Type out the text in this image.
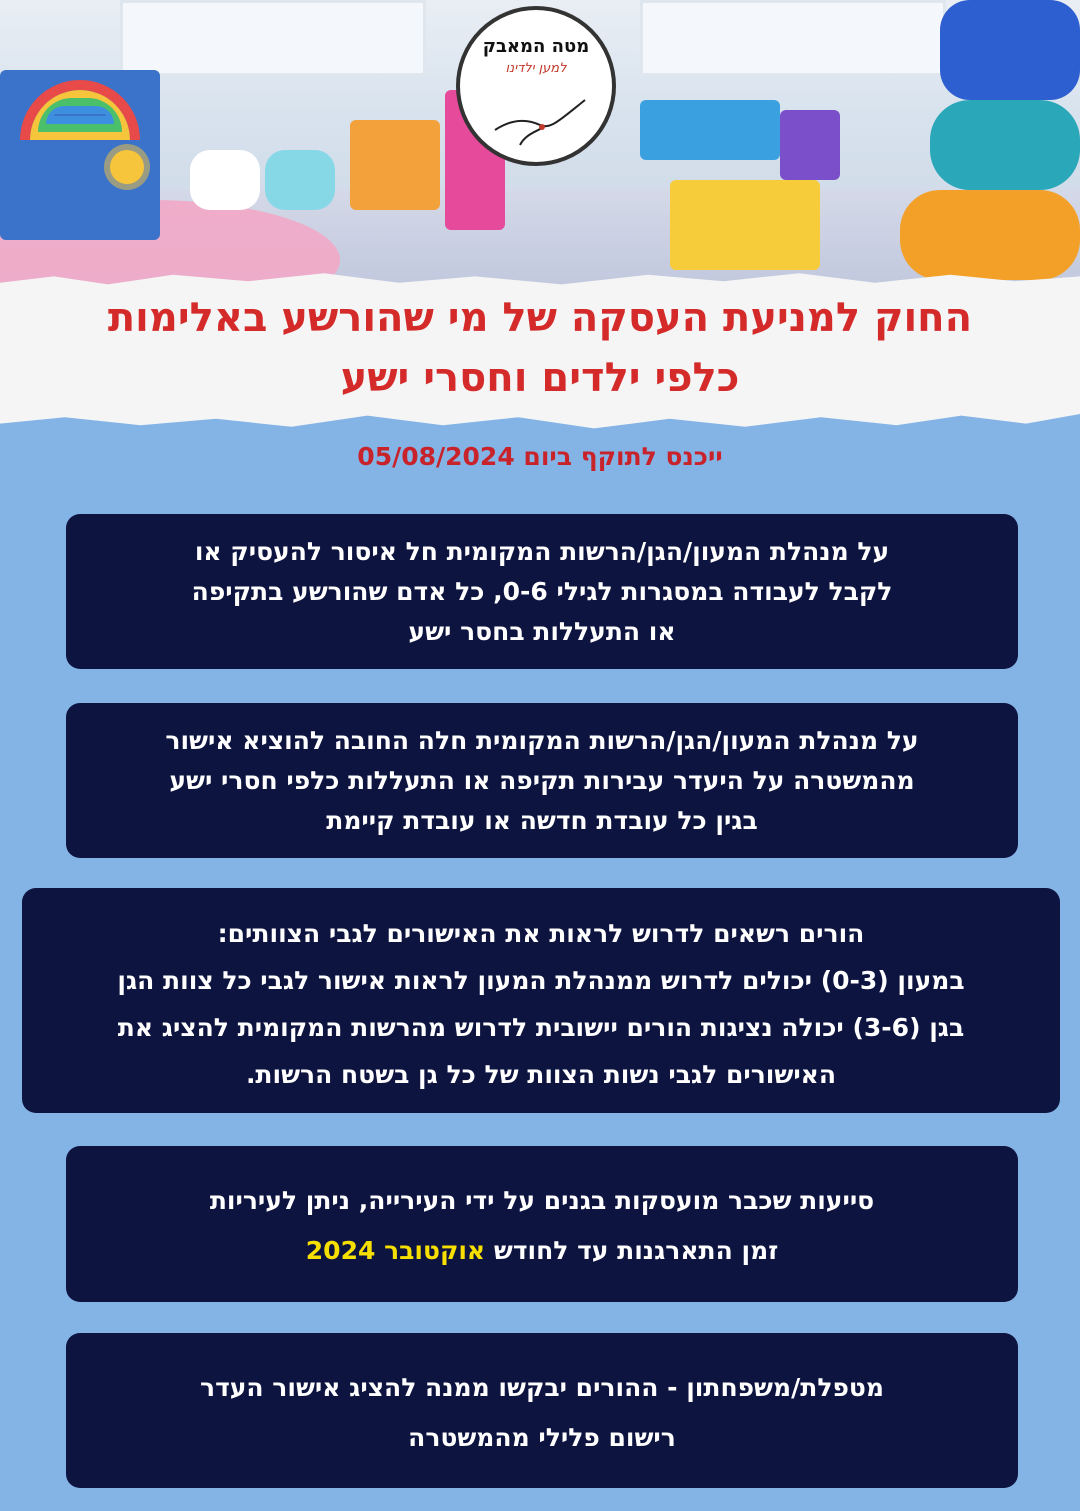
מטה המאבק
למען ילדינו
החוק למניעת העסקה של מי שהורשע באלימות
כלפי ילדים וחסרי ישע

ייכנס לתוקף ביום 05/08/2024

על מנהלת המעון/הגן/הרשות המקומית חל איסור להעסיק או

לקבל לעבודה במסגרות לגילי 0-6, כל אדם שהורשע בתקיפה

או התעללות בחסר ישע

על מנהלת המעון/הגן/הרשות המקומית חלה החובה להוציא אישור

מהמשטרה על היעדר עבירות תקיפה או התעללות כלפי חסרי ישע

בגין כל עובדת חדשה או עובדת קיימת

הורים רשאים לדרוש לראות את האישורים לגבי הצוותים:

במעון (0-3) יכולים לדרוש ממנהלת המעון לראות אישור לגבי כל צוות הגן

בגן (3-6) יכולה נציגות הורים יישובית לדרוש מהרשות המקומית להציג את

האישורים לגבי נשות הצוות של כל גן בשטח הרשות.

סייעות שכבר מועסקות בגנים על ידי העירייה, ניתן לעיריות

זמן התארגנות עד לחודש אוקטובר 2024

מטפלת/משפחתון - ההורים יבקשו ממנה להציג אישור העדר

רישום פלילי מהמשטרה
